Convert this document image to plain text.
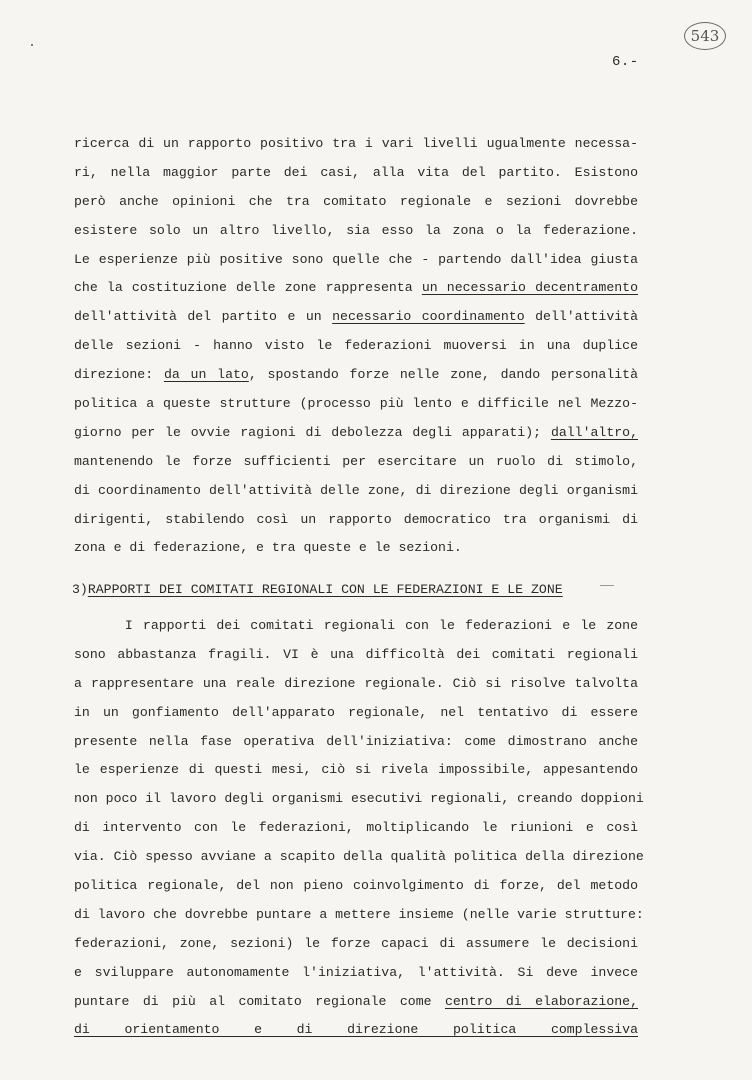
543
6.-
ricerca di un rapporto positivo tra i vari livelli ugualmente necessa-
ri, nella maggior parte dei casi, alla vita del partito. Esistono
però anche opinioni che tra comitato regionale e sezioni dovrebbe
esistere solo un altro livello, sia esso la zona o la federazione.
Le esperienze più positive sono quelle che - partendo dall'idea giusta
che la costituzione delle zone rappresenta un necessario decentramento
dell'attività del partito e un necessario coordinamento dell'attività
delle sezioni - hanno visto le federazioni muoversi in una duplice
direzione: da un lato, spostando forze nelle zone, dando personalità
politica a queste strutture (processo più lento e difficile nel Mezzo-
giorno per le ovvie ragioni di debolezza degli apparati); dall'altro,
mantenendo le forze sufficienti per esercitare un ruolo di stimolo,
di coordinamento dell'attività delle zone, di direzione degli organismi
dirigenti, stabilendo così un rapporto democratico tra organismi di
zona e di federazione, e tra queste e le sezioni.
3)RAPPORTI DEI COMITATI REGIONALI CON LE FEDERAZIONI E LE ZONE
I rapporti dei comitati regionali con le federazioni e le zone
sono abbastanza fragili. VI è una difficoltà dei comitati regionali
a rappresentare una reale direzione regionale. Ciò si risolve talvolta
in un gonfiamento dell'apparato regionale, nel tentativo di essere
presente nella fase operativa dell'iniziativa: come dimostrano anche
le esperienze di questi mesi, ciò si rivela impossibile, appesantendo
non poco il lavoro degli organismi esecutivi regionali, creando doppioni
di intervento con le federazioni, moltiplicando le riunioni e così
via. Ciò spesso avviane a scapito della qualità politica della direzione
politica regionale, del non pieno coinvolgimento di forze, del metodo
di lavoro che dovrebbe puntare a mettere insieme (nelle varie strutture:
federazioni, zone, sezioni) le forze capaci di assumere le decisioni
e sviluppare autonomamente l'iniziativa, l'attività. Si deve invece
puntare di più al comitato regionale come centro di elaborazione,
di orientamento e di direzione politica complessiva
